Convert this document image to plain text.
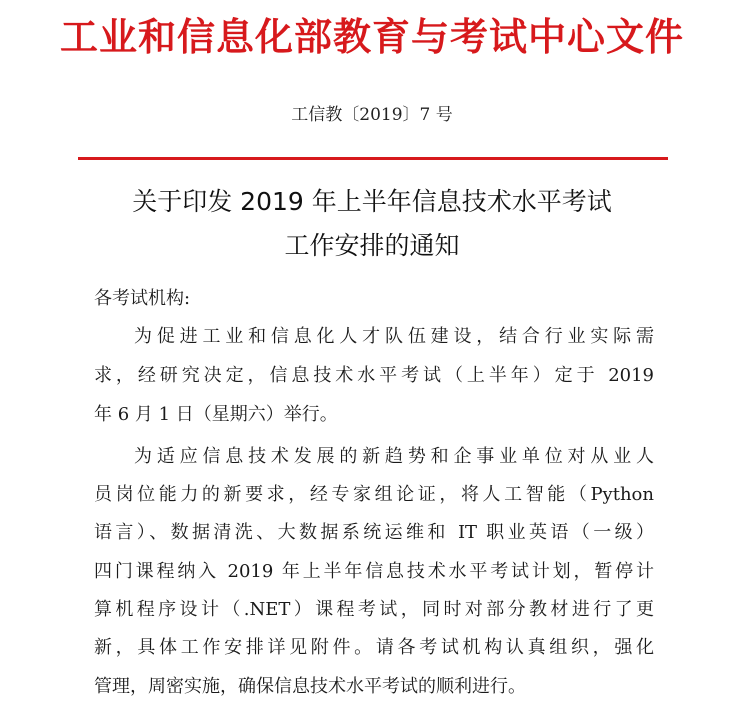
工业和信息化部教育与考试中心文件
工信教〔2019〕7 号
关于印发 2019 年上半年信息技术水平考试
工作安排的通知
各考试机构:
为促进工业和信息化人才队伍建设，结合行业实际需
求，经研究决定，信息技术水平考试（上半年）定于 2019
年 6 月 1 日（星期六）举行。
为适应信息技术发展的新趋势和企事业单位对从业人
员岗位能力的新要求，经专家组论证，将人工智能（Python
语言）、数据清洗、大数据系统运维和 IT 职业英语（一级）
四门课程纳入 2019 年上半年信息技术水平考试计划，暂停计
算机程序设计（.NET）课程考试，同时对部分教材进行了更
新，具体工作安排详见附件。请各考试机构认真组织，强化
管理，周密实施，确保信息技术水平考试的顺利进行。
